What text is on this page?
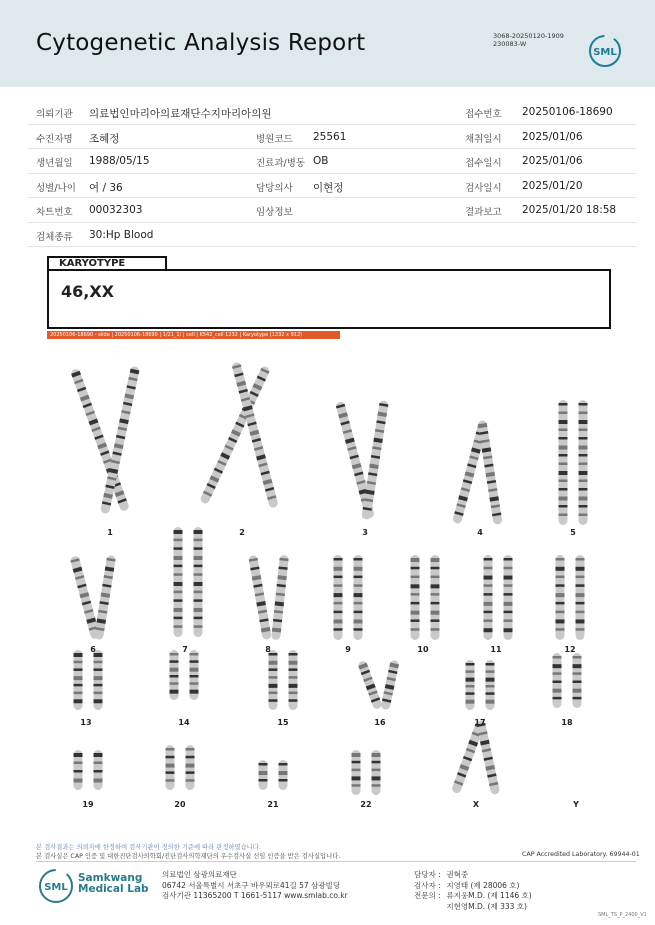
Cytogenetic Analysis Report	3068-20250120-1909
230083-W
SML
의뢰기관 의료법인마리아의료재단수지마리아의원	접수번호 20250106-18690
수진자명 조혜정	병원코드 25561	채취일시 2025/01/06
생년월일 1988/05/15	진료과/병동 OB	접수일시 2025/01/06
성별/나이 여 / 36	담당의사 이현정	검사일시 2025/01/20
차트번호 00032303	임상정보	결과보고 2025/01/20 18:58
검체종류 30:Hp Blood
KARYOTYPE
46,XX
20250106-18690 - slide | 20250106-18690 | 1/21_1/ | cell | K542_cell 1232 | Karyotype (1232 x 912)
1	2	3	4	5
6	7	8	9	10	11	12
13	14	15	16	17	18
19	20	21	22	X	Y
본 검사결과는 의뢰자에 한정하여 검사기관이 정의한 기준에 따라 판정하였습니다.
본 검사실은 CAP 인증 및 대한진단검사의학회/진단검사의학재단의 우수검사실 신임 인증을 받은 검사실입니다.	CAP Accredited Laboratory. 69944-01
SML
Samkwang
Medical Lab
의료법인 삼광의료재단
06742 서울특별시 서초구 바우뫼로41길 57 삼광빌딩
검사기관 11365200 T 1661-5117 www.smlab.co.kr
담당자 : 권혁중
검사자 : 지영태 (제 28006 호)
전문의 : 류지웅M.D. (제 1146 호)
지현영M.D. (제 333 호)
SML_TS_P_2400_V1
